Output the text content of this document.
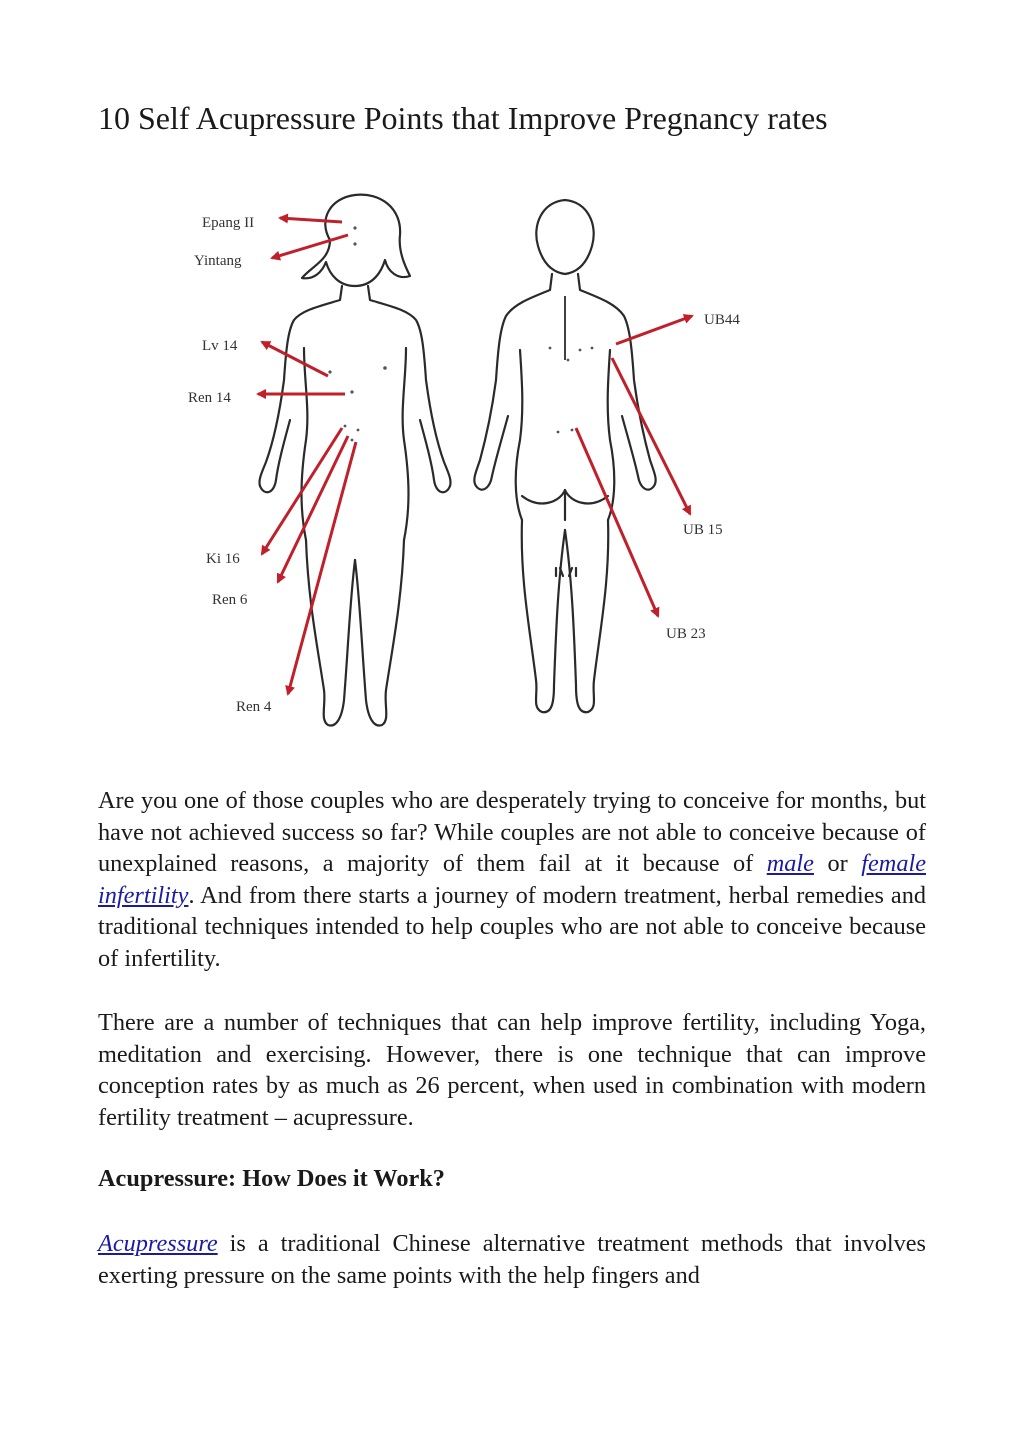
10 Self Acupressure Points that Improve Pregnancy rates
Epang II
Yintang
Lv 14
Ren 14
Ki 16
Ren 6
Ren 4
UB44
UB 15
UB 23

Are you one of those couples who are desperately trying to conceive for months, but have not achieved success so far? While couples are not able to conceive because of unexplained reasons, a majority of them fail at it because of male or female infertility. And from there starts a journey of modern treatment, herbal remedies and traditional techniques intended to help couples who are not able to conceive because of infertility.

There are a number of techniques that can help improve fertility, including Yoga, meditation and exercising. However, there is one technique that can improve conception rates by as much as 26 percent, when used in combination with modern fertility treatment – acupressure.

Acupressure: How Does it Work?

Acupressure is a traditional Chinese alternative treatment methods that involves exerting pressure on the same points with the help fingers and
